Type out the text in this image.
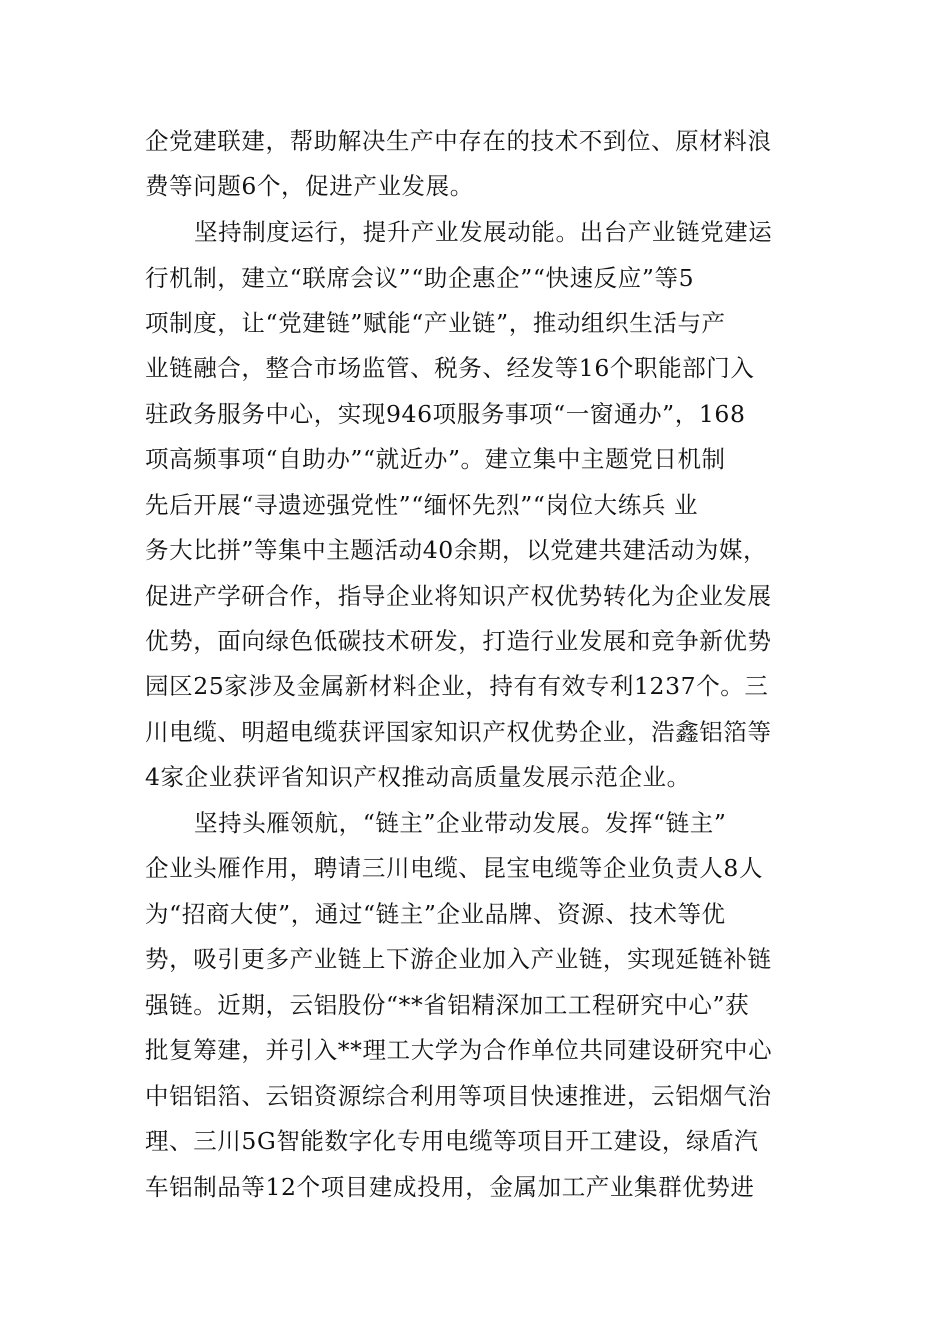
企党建联建，帮助解决生产中存在的技术不到位、原材料浪
费等问题6个，促进产业发展。
坚持制度运行，提升产业发展动能。出台产业链党建运
行机制，建立“联席会议”“助企惠企”“快速反应”等5
项制度，让“党建链”赋能“产业链”，推动组织生活与产
业链融合，整合市场监管、税务、经发等16个职能部门入
驻政务服务中心，实现946项服务事项“一窗通办”，168
项高频事项“自助办”“就近办”。建立集中主题党日机制
先后开展“寻遗迹强党性”“缅怀先烈”“岗位大练兵 业
务大比拼”等集中主题活动40余期，以党建共建活动为媒，
促进产学研合作，指导企业将知识产权优势转化为企业发展
优势，面向绿色低碳技术研发，打造行业发展和竞争新优势
园区25家涉及金属新材料企业，持有有效专利1237个。三
川电缆、明超电缆获评国家知识产权优势企业，浩鑫铝箔等
4家企业获评省知识产权推动高质量发展示范企业。
坚持头雁领航，“链主”企业带动发展。发挥“链主”
企业头雁作用，聘请三川电缆、昆宝电缆等企业负责人8人
为“招商大使”，通过“链主”企业品牌、资源、技术等优
势，吸引更多产业链上下游企业加入产业链，实现延链补链
强链。近期，云铝股份“**省铝精深加工工程研究中心”获
批复筹建，并引入**理工大学为合作单位共同建设研究中心
中铝铝箔、云铝资源综合利用等项目快速推进，云铝烟气治
理、三川5G智能数字化专用电缆等项目开工建设，绿盾汽
车铝制品等12个项目建成投用，金属加工产业集群优势进
